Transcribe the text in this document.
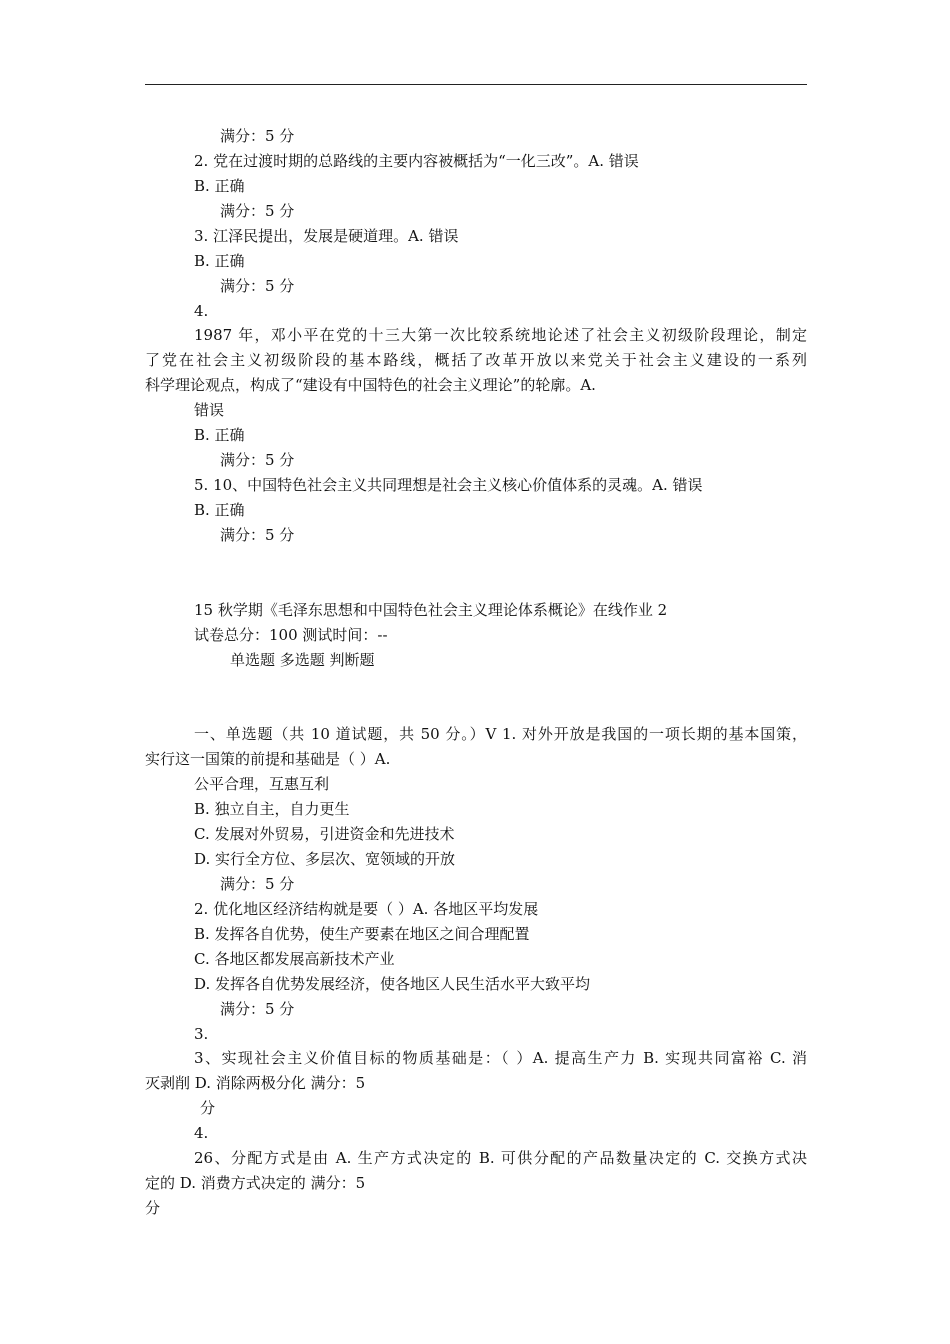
满分：5 分
2. 党在过渡时期的总路线的主要内容被概括为“一化三改”。A. 错误
B. 正确
满分：5 分
3. 江泽民提出，发展是硬道理。A. 错误
B. 正确
满分：5 分
4.
1987 年，邓小平在党的十三大第一次比较系统地论述了社会主义初级阶段理论，制定
了党在社会主义初级阶段的基本路线，概括了改革开放以来党关于社会主义建设的一系列
科学理论观点，构成了“建设有中国特色的社会主义理论”的轮廓。A.
错误
B. 正确
满分：5 分
5. 10、中国特色社会主义共同理想是社会主义核心价值体系的灵魂。A. 错误
B. 正确
满分：5 分
15 秋学期《毛泽东思想和中国特色社会主义理论体系概论》在线作业 2
试卷总分：100 测试时间：--
单选题 多选题 判断题
一、单选题（共 10 道试题，共 50 分。）V 1. 对外开放是我国的一项长期的基本国策，
实行这一国策的前提和基础是（ ）A.
公平合理，互惠互利
B. 独立自主，自力更生
C. 发展对外贸易，引进资金和先进技术
D. 实行全方位、多层次、宽领域的开放
满分：5 分
2. 优化地区经济结构就是要（ ）A. 各地区平均发展
B. 发挥各自优势，使生产要素在地区之间合理配置
C. 各地区都发展高新技术产业
D. 发挥各自优势发展经济，使各地区人民生活水平大致平均
满分：5 分
3.
3、实现社会主义价值目标的物质基础是：（ ）A. 提高生产力 B. 实现共同富裕 C. 消
灭剥削 D. 消除两极分化 满分：5
分
4.
26、分配方式是由 A. 生产方式决定的 B. 可供分配的产品数量决定的 C. 交换方式决
定的 D. 消费方式决定的 满分：5
分
